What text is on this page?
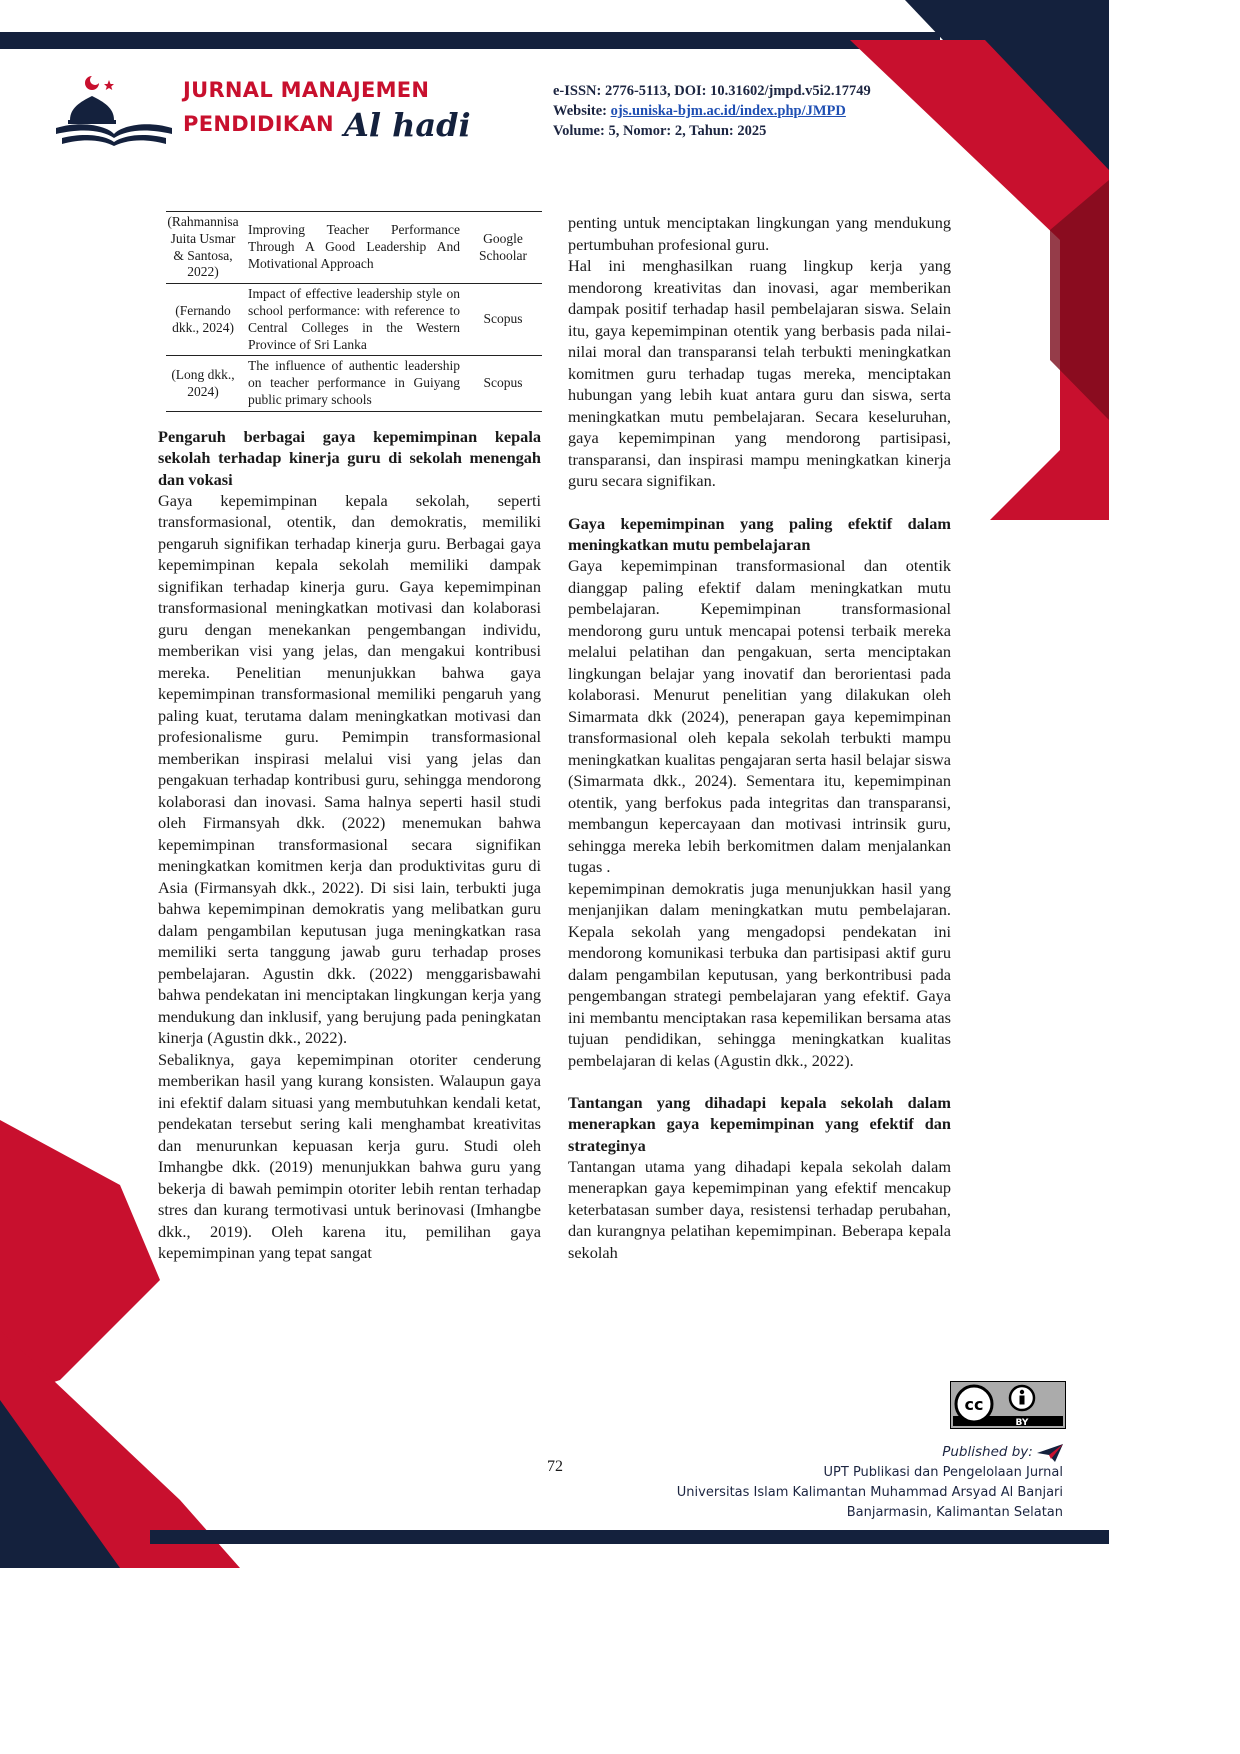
JURNAL MANAJEMEN
PENDIDIKAN Al hadi
e-ISSN: 2776-5113, DOI: 10.31602/jmpd.v5i2.17749
Website: ojs.uniska-bjm.ac.id/index.php/JMPD
Volume: 5, Nomor: 2, Tahun: 2025
(Rahmannisa Juita Usmar & Santosa, 2022)	Improving Teacher Performance Through A Good Leadership And Motivational Approach	Google Schoolar
(Fernando dkk., 2024)	Impact of effective leadership style on school performance: with reference to Central Colleges in the Western Province of Sri Lanka	Scopus
(Long dkk., 2024)	The influence of authentic leadership on teacher performance in Guiyang public primary schools	Scopus
Pengaruh berbagai gaya kepemimpinan kepala sekolah terhadap kinerja guru di sekolah menengah dan vokasi

Gaya kepemimpinan kepala sekolah, seperti transformasional, otentik, dan demokratis, memiliki pengaruh signifikan terhadap kinerja guru. Berbagai gaya kepemimpinan kepala sekolah memiliki dampak signifikan terhadap kinerja guru. Gaya kepemimpinan transformasional meningkatkan motivasi dan kolaborasi guru dengan menekankan pengembangan individu, memberikan visi yang jelas, dan mengakui kontribusi mereka. Penelitian menunjukkan bahwa gaya kepemimpinan transformasional memiliki pengaruh yang paling kuat, terutama dalam meningkatkan motivasi dan profesionalisme guru. Pemimpin transformasional memberikan inspirasi melalui visi yang jelas dan pengakuan terhadap kontribusi guru, sehingga mendorong kolaborasi dan inovasi. Sama halnya seperti hasil studi oleh Firmansyah dkk. (2022) menemukan bahwa kepemimpinan transformasional secara signifikan meningkatkan komitmen kerja dan produktivitas guru di Asia (Firmansyah dkk., 2022). Di sisi lain, terbukti juga bahwa kepemimpinan demokratis yang melibatkan guru dalam pengambilan keputusan juga meningkatkan rasa memiliki serta tanggung jawab guru terhadap proses pembelajaran. Agustin dkk. (2022) menggarisbawahi bahwa pendekatan ini menciptakan lingkungan kerja yang mendukung dan inklusif, yang berujung pada peningkatan kinerja (Agustin dkk., 2022).

Sebaliknya, gaya kepemimpinan otoriter cenderung memberikan hasil yang kurang konsisten. Walaupun gaya ini efektif dalam situasi yang membutuhkan kendali ketat, pendekatan tersebut sering kali menghambat kreativitas dan menurunkan kepuasan kerja guru. Studi oleh Imhangbe dkk. (2019) menunjukkan bahwa guru yang bekerja di bawah pemimpin otoriter lebih rentan terhadap stres dan kurang termotivasi untuk berinovasi (Imhangbe dkk., 2019). Oleh karena itu, pemilihan gaya kepemimpinan yang tepat sangat

penting untuk menciptakan lingkungan yang mendukung pertumbuhan profesional guru.

Hal ini menghasilkan ruang lingkup kerja yang mendorong kreativitas dan inovasi, agar memberikan dampak positif terhadap hasil pembelajaran siswa. Selain itu, gaya kepemimpinan otentik yang berbasis pada nilai-nilai moral dan transparansi telah terbukti meningkatkan komitmen guru terhadap tugas mereka, menciptakan hubungan yang lebih kuat antara guru dan siswa, serta meningkatkan mutu pembelajaran. Secara keseluruhan, gaya kepemimpinan yang mendorong partisipasi, transparansi, dan inspirasi mampu meningkatkan kinerja guru secara signifikan.

Gaya kepemimpinan yang paling efektif dalam meningkatkan mutu pembelajaran

Gaya kepemimpinan transformasional dan otentik dianggap paling efektif dalam meningkatkan mutu pembelajaran. Kepemimpinan transformasional mendorong guru untuk mencapai potensi terbaik mereka melalui pelatihan dan pengakuan, serta menciptakan lingkungan belajar yang inovatif dan berorientasi pada kolaborasi. Menurut penelitian yang dilakukan oleh Simarmata dkk (2024), penerapan gaya kepemimpinan transformasional oleh kepala sekolah terbukti mampu meningkatkan kualitas pengajaran serta hasil belajar siswa (Simarmata dkk., 2024). Sementara itu, kepemimpinan otentik, yang berfokus pada integritas dan transparansi, membangun kepercayaan dan motivasi intrinsik guru, sehingga mereka lebih berkomitmen dalam menjalankan tugas .

kepemimpinan demokratis juga menunjukkan hasil yang menjanjikan dalam meningkatkan mutu pembelajaran. Kepala sekolah yang mengadopsi pendekatan ini mendorong komunikasi terbuka dan partisipasi aktif guru dalam pengambilan keputusan, yang berkontribusi pada pengembangan strategi pembelajaran yang efektif. Gaya ini membantu menciptakan rasa kepemilikan bersama atas tujuan pendidikan, sehingga meningkatkan kualitas pembelajaran di kelas (Agustin dkk., 2022).

Tantangan yang dihadapi kepala sekolah dalam menerapkan gaya kepemimpinan yang efektif dan strateginya

Tantangan utama yang dihadapi kepala sekolah dalam menerapkan gaya kepemimpinan yang efektif mencakup keterbatasan sumber daya, resistensi terhadap perubahan, dan kurangnya pelatihan kepemimpinan. Beberapa kepala sekolah

72
cc
BY
Published by:
UPT Publikasi dan Pengelolaan Jurnal
Universitas Islam Kalimantan Muhammad Arsyad Al Banjari
Banjarmasin, Kalimantan Selatan
